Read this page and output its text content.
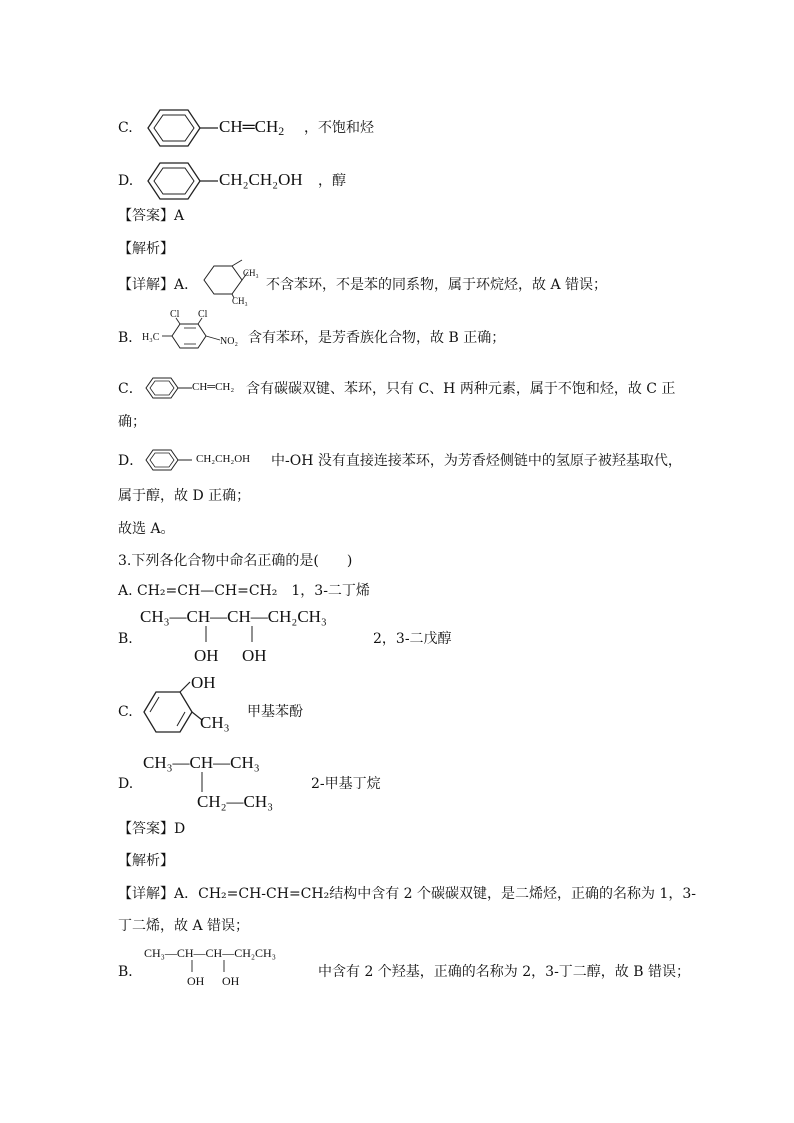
C.	$CH═CH_2$ ，不饱和烃
D.	CH₂CH₂OH ，醇
【答案】A
【解析】
【详解】A．
CH₃
CH₃
不含苯环，不是苯的同系物，属于环烷烃，故 A 错误；
B．
Cl Cl
H₃C	NO₂ 含有苯环，是芳香族化合物，故 B 正确；
C．	CH═CH₂ 含有碳碳双键、苯环，只有 C、H 两种元素，属于不饱和烃，故 C 正
确；
D．	CH₂CH₂OH 中-OH 没有直接连接苯环，为芳香烃侧链中的氢原子被羟基取代，
属于醇，故 D 正确；
故选 A。
3.下列各化合物中命名正确的是(　　)
A. CH₂=CH—CH=CH₂　1，3-二丁烯
B.
CH₃—CH—CH—CH₂CH₃
OH OH
2，3-二戊醇
C.
OH
CH₃
甲基苯酚
D.
CH₃—CH—CH₃
CH₂—CH₃
2-甲基丁烷
【答案】D
【解析】
【详解】A．CH₂=CH-CH=CH₂结构中含有 2 个碳碳双键，是二烯烃，正确的名称为 1，3-
丁二烯，故 A 错误；
B．
CH₃—CH—CH—CH₂CH₃
OH OH
中含有 2 个羟基，正确的名称为 2，3-丁二醇，故 B 错误；
